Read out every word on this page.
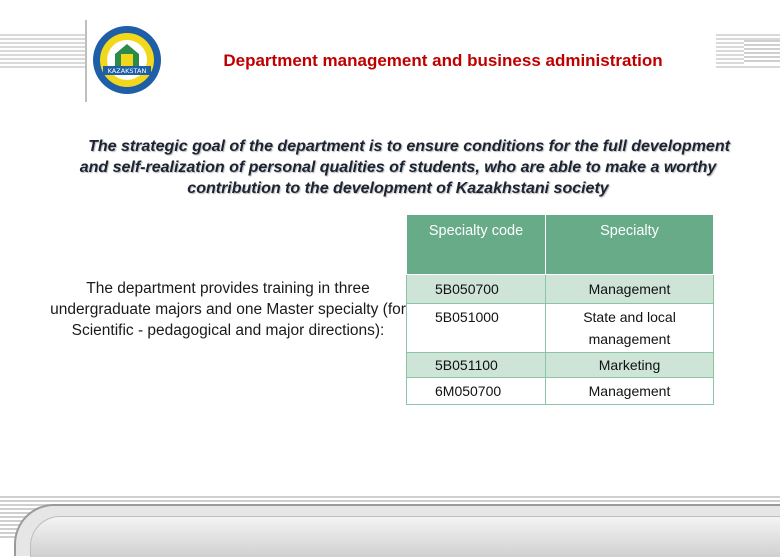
KAZAKSTAN
Department management and business administration
The strategic goal of the department is to ensure conditions for the full development and self-realization of personal qualities of students, who are able to make a worthy contribution to the development of Kazakhstani society
The department provides training in three undergraduate majors and one Master specialty (for Scientific - pedagogical and major directions):
Specialty code	Specialty
5B050700	Management
5B051000	State and local management
5B051100	Marketing
6M050700	Management
